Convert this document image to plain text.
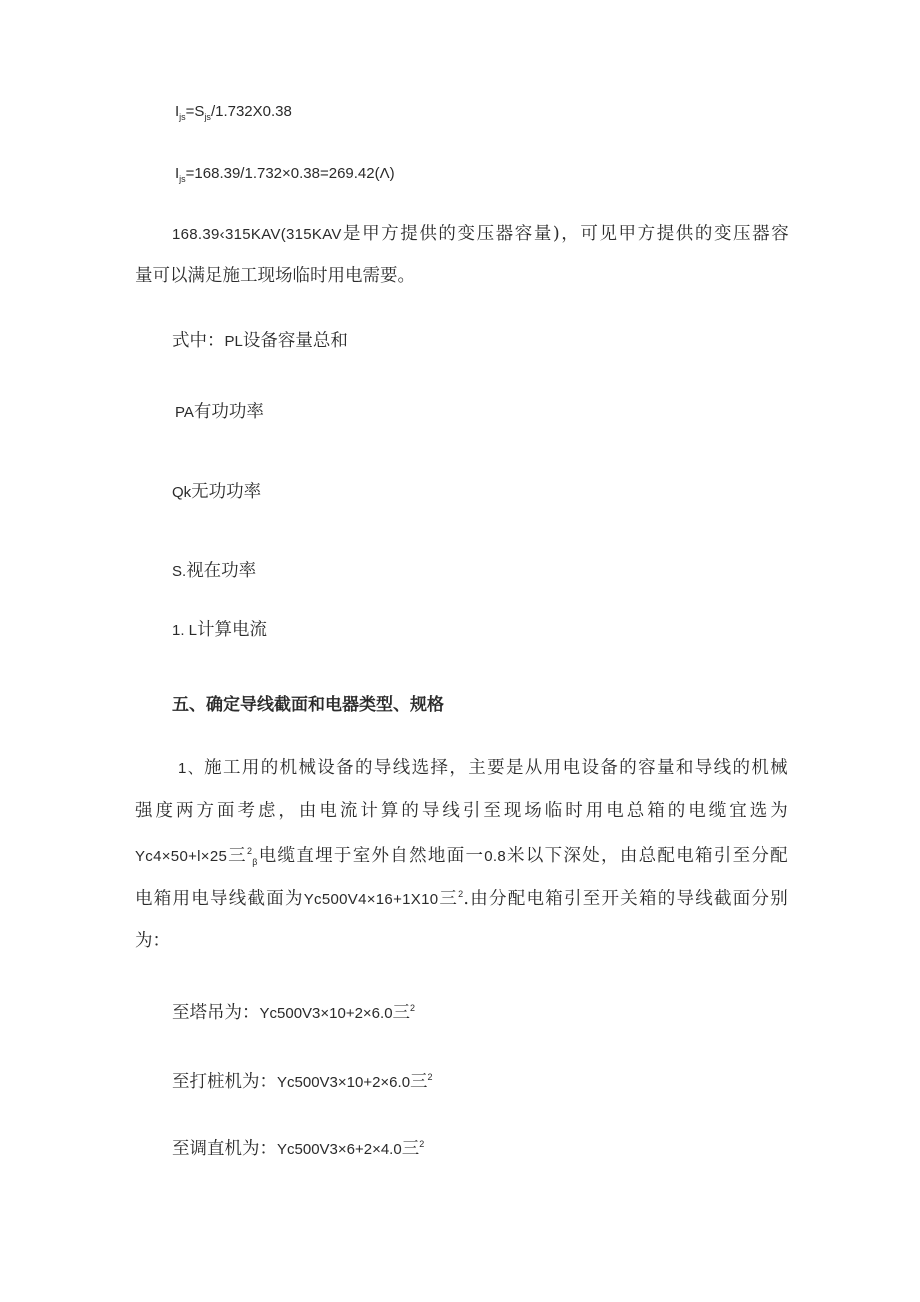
$I_{js}=S_{js}/1.732X0.38$
$I_{js}=168.39/1.732\times 0.38=269.42(\Lambda)$
168.39‹315KAV(315KAV是甲方提供的变压器容量)，可见甲方提供的变压器容
量可以满足施工现场临时用电需要。
式中：PL设备容量总和
PA有功功率
Qk无功功率
S.视在功率
1. L计算电流
五、确定导线截面和电器类型、规格
1、施工用的机械设备的导线选择，主要是从用电设备的容量和导线的机械
强度两方面考虑，由电流计算的导线引至现场临时用电总箱的电缆宜选为
Yc4×50+l×25三$^2_\beta$电缆直埋于室外自然地面一0.8米以下深处，由总配电箱引至分配
电箱用电导线截面为Yc500V4×16+1X10三$^2$.由分配电箱引至开关箱的导线截面分别
为：
至塔吊为：Yc500V3×10+2×6.0三$^2$
至打桩机为：Yc500V3×10+2×6.0三$^2$
至调直机为：Yc500V3×6+2×4.0三$^2$
